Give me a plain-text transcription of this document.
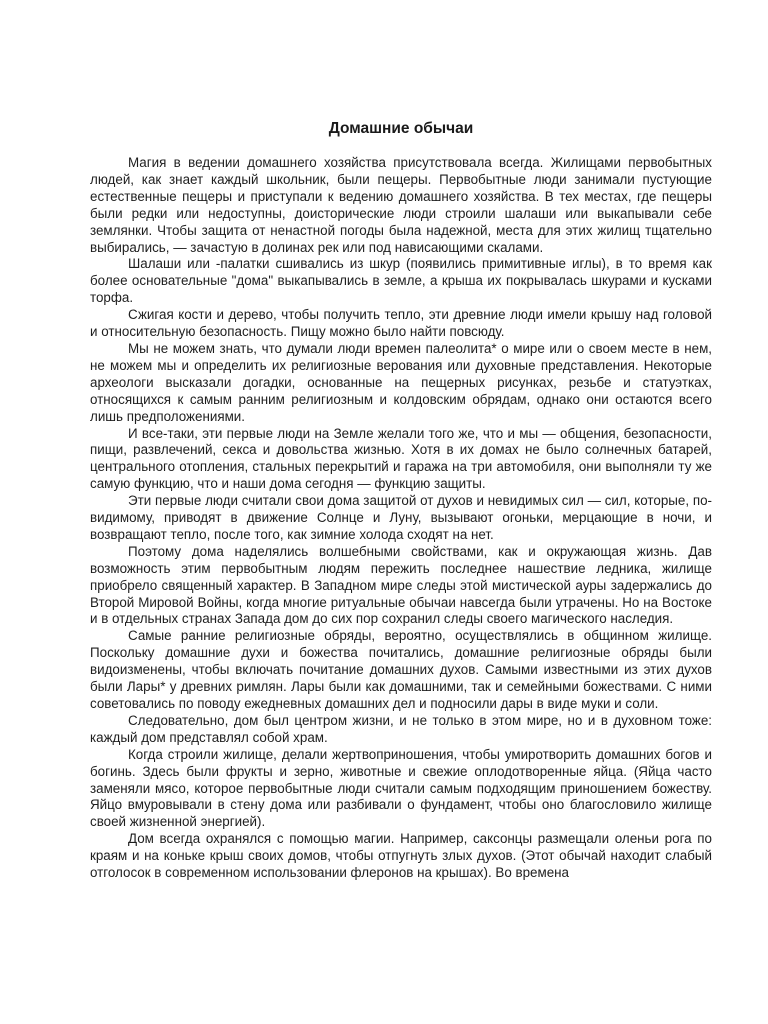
Домашние обычаи

Магия в ведении домашнего хозяйства присутствовала всегда. Жилищами первобытных людей, как знает каждый школьник, были пещеры. Первобытные люди занимали пустующие естественные пещеры и приступали к ведению домашнего хозяйства. В тех местах, где пещеры были редки или недоступны, доисторические люди строили шалаши или выкапывали себе землянки. Чтобы защита от ненастной погоды была надежной, места для этих жилищ тщательно выбирались, — зачастую в долинах рек или под нависающими скалами.

Шалаши или -палатки сшивались из шкур (появились примитивные иглы), в то время как более основательные "дома" выкапывались в земле, а крыша их покрывалась шкурами и кусками торфа.

Сжигая кости и дерево, чтобы получить тепло, эти древние люди имели крышу над головой и относительную безопасность. Пищу можно было найти повсюду.

Мы не можем знать, что думали люди времен палеолита* о мире или о своем месте в нем, не можем мы и определить их религиозные верования или духовные представления. Некоторые археологи высказали догадки, основанные на пещерных рисунках, резьбе и статуэтках, относящихся к самым ранним религиозным и колдовским обрядам, однако они остаются всего лишь предположениями.

И все-таки, эти первые люди на Земле желали того же, что и мы — общения, безопасности, пищи, развлечений, секса и довольства жизнью. Хотя в их домах не было солнечных батарей, центрального отопления, стальных перекрытий и гаража на три автомобиля, они выполняли ту же самую функцию, что и наши дома сегодня — функцию защиты.

Эти первые люди считали свои дома защитой от духов и невидимых сил — сил, которые, по-видимому, приводят в движение Солнце и Луну, вызывают огоньки, мерцающие в ночи, и возвращают тепло, после того, как зимние холода сходят на нет.

Поэтому дома наделялись волшебными свойствами, как и окружающая жизнь. Дав возможность этим первобытным людям пережить последнее нашествие ледника, жилище приобрело священный характер. В Западном мире следы этой мистической ауры задержались до Второй Мировой Войны, когда многие ритуальные обычаи навсегда были утрачены. Но на Востоке и в отдельных странах Запада дом до сих пор сохранил следы своего магического наследия.

Самые ранние религиозные обряды, вероятно, осуществлялись в общинном жилище. Поскольку домашние духи и божества почитались, домашние религиозные обряды были видоизменены, чтобы включать почитание домашних духов. Самыми известными из этих духов были Лары* у древних римлян. Лары были как домашними, так и семейными божествами. С ними советовались по поводу ежедневных домашних дел и подносили дары в виде муки и соли.

Следовательно, дом был центром жизни, и не только в этом мире, но и в духовном тоже: каждый дом представлял собой храм.

Когда строили жилище, делали жертвоприношения, чтобы умиротворить домашних богов и богинь. Здесь были фрукты и зерно, животные и свежие оплодотворенные яйца. (Яйца часто заменяли мясо, которое первобытные люди считали самым подходящим приношением божеству. Яйцо вмуровывали в стену дома или разбивали о фундамент, чтобы оно благословило жилище своей жизненной энергией).

Дом всегда охранялся с помощью магии. Например, саксонцы размещали оленьи рога по краям и на коньке крыш своих домов, чтобы отпугнуть злых духов. (Этот обычай находит слабый отголосок в современном использовании флеронов на крышах). Во времена
